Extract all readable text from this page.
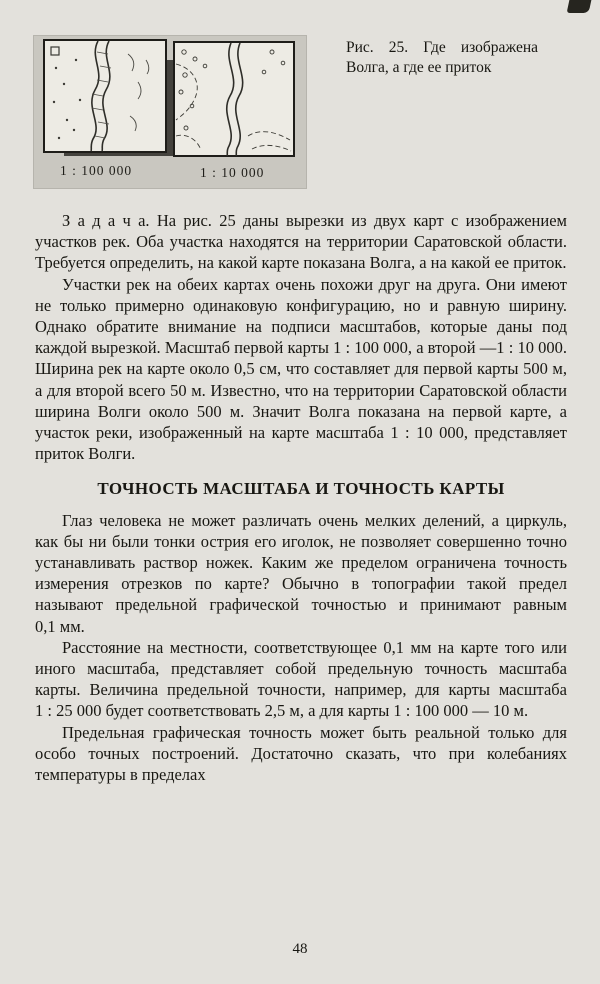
1 : 100 000	1 : 10 000
Рис. 25. Где изображена Волга, а где ее приток

З а д а ч а. На рис. 25 даны вырезки из двух карт с изображением участков рек. Оба участка находятся на территории Саратовской области. Требуется определить, на какой карте показана Волга, а на какой ее приток.

Участки рек на обеих картах очень похожи друг на друга. Они имеют не только примерно одинаковую конфигурацию, но и равную ширину. Однако обратите внимание на подписи масштабов, которые даны под каждой вырезкой. Масштаб первой карты 1 : 100 000, а второй —1 : 10 000. Ширина рек на карте около 0,5 см, что составляет для первой карты 500 м, а для второй всего 50 м. Известно, что на территории Саратовской области ширина Волги около 500 м. Значит Волга показана на первой карте, а участок реки, изображенный на карте масштаба 1 : 10 000, представляет приток Волги.

ТОЧНОСТЬ МАСШТАБА И ТОЧНОСТЬ КАРТЫ

Глаз человека не может различать очень мелких делений, а циркуль, как бы ни были тонки острия его иголок, не позволяет совершенно точно устанавливать раствор ножек. Каким же пределом ограничена точность измерения отрезков по карте? Обычно в топографии такой предел называют предельной графической точностью и принимают равным 0,1 мм.

Расстояние на местности, соответствующее 0,1 мм на карте того или иного масштаба, представляет собой предельную точность масштаба карты. Величина предельной точности, например, для карты масштаба 1 : 25 000 будет соответствовать 2,5 м, а для карты 1 : 100 000 — 10 м.

Предельная графическая точность может быть реальной только для особо точных построений. Достаточно сказать, что при колебаниях температуры в пределах

48
